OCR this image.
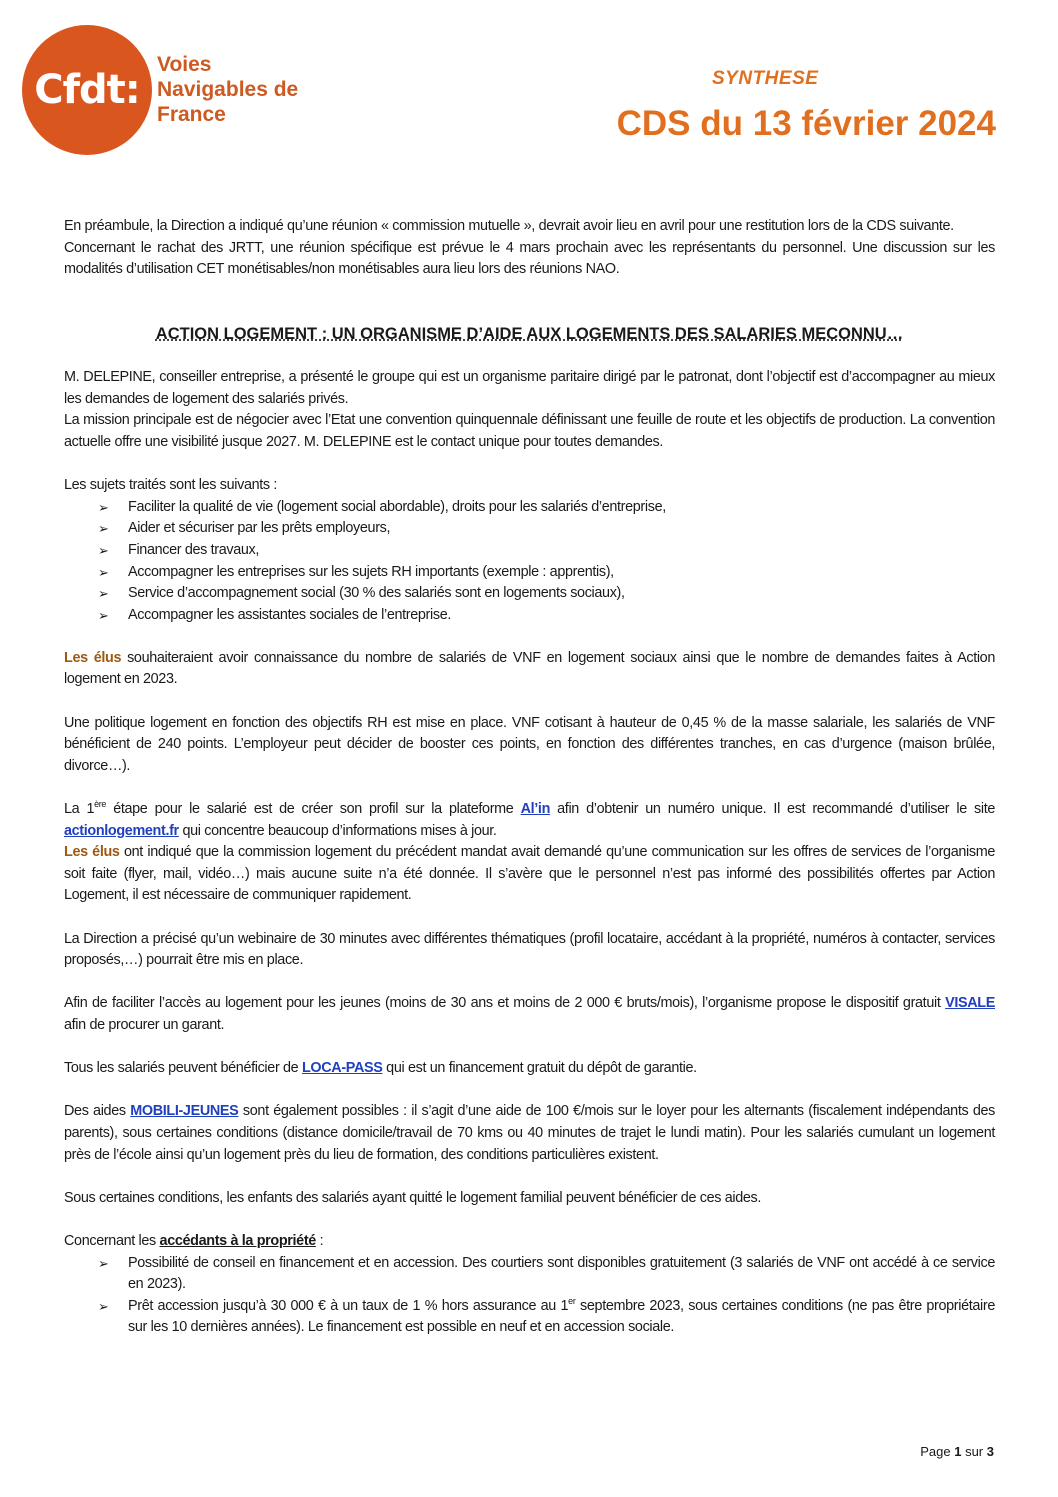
Cfdt:
Voies
Navigables de
France
SYNTHESE
CDS du 13 février 2024

En préambule, la Direction a indiqué qu’une réunion « commission mutuelle », devrait avoir lieu en avril pour une restitution lors de la CDS suivante.

Concernant le rachat des JRTT, une réunion spécifique est prévue le 4 mars prochain avec les représentants du personnel. Une discussion sur les modalités d’utilisation CET monétisables/non monétisables aura lieu lors des réunions NAO.

ACTION LOGEMENT : UN ORGANISME D’AIDE AUX LOGEMENTS DES SALARIES MECONNU…

M. DELEPINE, conseiller entreprise, a présenté le groupe qui est un organisme paritaire dirigé par le patronat, dont l’objectif est d’accompagner au mieux les demandes de logement des salariés privés.

La mission principale est de négocier avec l’Etat une convention quinquennale définissant une feuille de route et les objectifs de production. La convention actuelle offre une visibilité jusque 2027. M. DELEPINE est le contact unique pour toutes demandes.

Les sujets traités sont les suivants :

➢ Faciliter la qualité de vie (logement social abordable), droits pour les salariés d’entreprise,
➢ Aider et sécuriser par les prêts employeurs,
➢ Financer des travaux,
➢ Accompagner les entreprises sur les sujets RH importants (exemple : apprentis),
➢ Service d’accompagnement social (30 % des salariés sont en logements sociaux),
➢ Accompagner les assistantes sociales de l’entreprise.

Les élus souhaiteraient avoir connaissance du nombre de salariés de VNF en logement sociaux ainsi que le nombre de demandes faites à Action logement en 2023.

Une politique logement en fonction des objectifs RH est mise en place. VNF cotisant à hauteur de 0,45 % de la masse salariale, les salariés de VNF bénéficient de 240 points. L’employeur peut décider de booster ces points, en fonction des différentes tranches, en cas d’urgence (maison brûlée, divorce…).

La 1ère étape pour le salarié est de créer son profil sur la plateforme Al’in afin d’obtenir un numéro unique. Il est recommandé d’utiliser le site actionlogement.fr qui concentre beaucoup d’informations mises à jour.

Les élus ont indiqué que la commission logement du précédent mandat avait demandé qu’une communication sur les offres de services de l’organisme soit faite (flyer, mail, vidéo…) mais aucune suite n’a été donnée. Il s’avère que le personnel n’est pas informé des possibilités offertes par Action Logement, il est nécessaire de communiquer rapidement.

La Direction a précisé qu’un webinaire de 30 minutes avec différentes thématiques (profil locataire, accédant à la propriété, numéros à contacter, services proposés,…) pourrait être mis en place.

Afin de faciliter l’accès au logement pour les jeunes (moins de 30 ans et moins de 2 000 € bruts/mois), l’organisme propose le dispositif gratuit VISALE afin de procurer un garant.

Tous les salariés peuvent bénéficier de LOCA-PASS qui est un financement gratuit du dépôt de garantie.

Des aides MOBILI-JEUNES sont également possibles : il s’agit d’une aide de 100 €/mois sur le loyer pour les alternants (fiscalement indépendants des parents), sous certaines conditions (distance domicile/travail de 70 kms ou 40 minutes de trajet le lundi matin). Pour les salariés cumulant un logement près de l’école ainsi qu’un logement près du lieu de formation, des conditions particulières existent.

Sous certaines conditions, les enfants des salariés ayant quitté le logement familial peuvent bénéficier de ces aides.

Concernant les accédants à la propriété :

➢ Possibilité de conseil en financement et en accession. Des courtiers sont disponibles gratuitement (3 salariés de VNF ont accédé à ce service en 2023).
➢ Prêt accession jusqu’à 30 000 € à un taux de 1 % hors assurance au 1er septembre 2023, sous certaines conditions (ne pas être propriétaire sur les 10 dernières années). Le financement est possible en neuf et en accession sociale.
Page 1 sur 3
